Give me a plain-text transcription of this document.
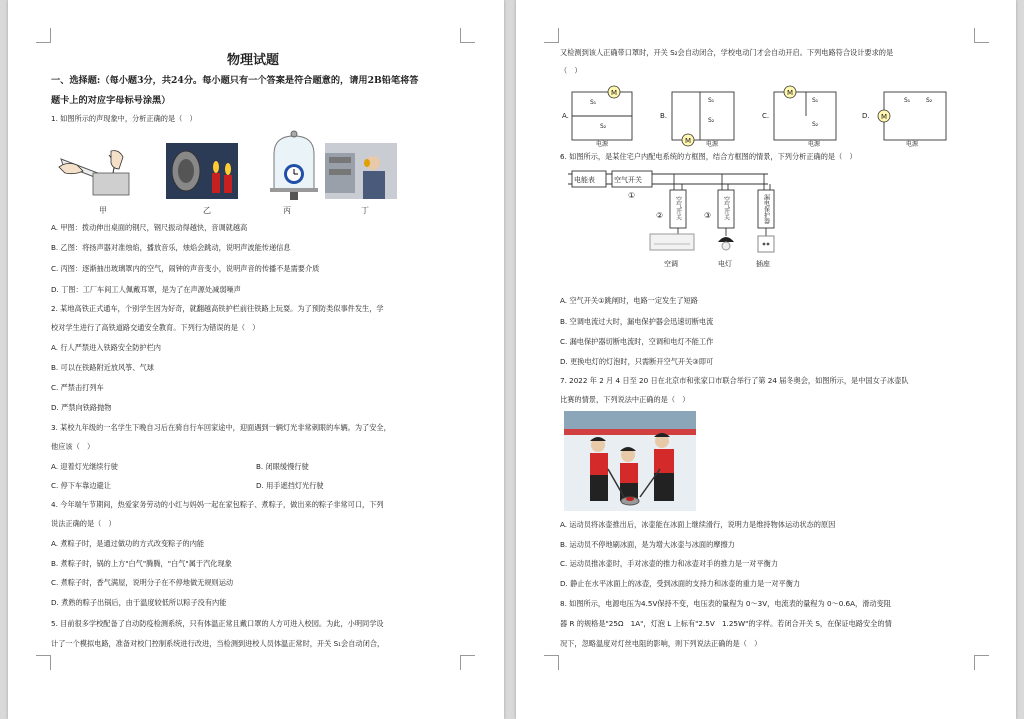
物理试题
一、选择题:（每小题3分，共24分。每小题只有一个答案是符合题意的，请用2B铅笔将答
题卡上的对应字母标号涂黑）
1. 如图所示的声现象中，分析正确的是（　）
甲	乙	丙	丁
A. 甲图：拨动伸出桌面的钢尺，钢尺振动得越快，音调就越高
B. 乙图：将扬声器对准烛焰，播放音乐，烛焰会跳动，说明声波能传递信息
C. 丙图：逐渐抽出玻璃罩内的空气，闹钟的声音变小，说明声音的传播不是需要介质
D. 丁图：工厂车间工人佩戴耳罩，是为了在声源处减弱噪声
2. 某地高铁正式通车，个别学生因为好奇，就翻越高铁护栏前往铁路上玩耍。为了预防类似事件发生，学
校对学生进行了高铁道路交通安全教育。下列行为错误的是（　）
A. 行人严禁进入铁路安全防护栏内
B. 可以在铁路附近放风筝、气球
C. 严禁击打列车
D. 严禁向铁路抛物
3. 某校九年级的一名学生下晚自习后在骑自行车回家途中，迎面遇到一辆灯光非常刺眼的车辆。为了安全，
他应该（　）
A. 迎着灯光继续行驶	B. 闭眼缓慢行驶
C. 停下车靠边避让	D. 用手遮挡灯光行驶
4. 今年端午节期间，热爱家务劳动的小红与妈妈一起在家包粽子、煮粽子，做出来的粽子非常可口，下列
说法正确的是（　）
A. 煮粽子时，是通过做功的方式改变粽子的内能
B. 煮粽子时，锅的上方"白气"腾腾，"白气"属于汽化现象
C. 煮粽子时，香气满屋，说明分子在不停地做无规则运动
D. 煮熟的粽子出锅后，由于温度较低所以粽子没有内能
5. 目前很多学校配备了自动防疫检测系统，只有体温正常且戴口罩的人方可进入校园。为此，小明同学设
计了一个模拟电路，准备对校门控制系统进行改进，当检测到进校人员体温正常时，开关 S₁会自动闭合，
又检测到该人正确带口罩时，开关 S₂会自动闭合，学校电动门才会自动开启。下列电路符合设计要求的是
（　）
A.
M
S₁
S₂
电源
B.
M
S₁
S₂
电源
C.
M
S₁
S₂
电源
D. M
S₁	S₂
电源
6. 如图所示，是某住宅户内配电系统的方框图，结合方框图的情景，下列分析正确的是（　）
电能表	空气开关
①
②	③
空气开关	空气开关	漏电保护器
空调	电灯	插座
A. 空气开关①跳闸时，电路一定发生了短路
B. 空调电流过大时，漏电保护器会迅速切断电流
C. 漏电保护器切断电流时，空调和电灯不能工作
D. 更换电灯的灯泡时，只需断开空气开关③即可
7. 2022 年 2 月 4 日至 20 日在北京市和张家口市联合举行了第 24 届冬奥会，如图所示，是中国女子冰壶队
比赛的情景，下列说法中正确的是（　）
A. 运动员将冰壶推出后，冰壶能在冰面上继续滑行，说明力是维持物体运动状态的原因
B. 运动员不停地刷冰面，是为增大冰壶与冰面的摩擦力
C. 运动员推冰壶时，手对冰壶的推力和冰壶对手的推力是一对平衡力
D. 静止在水平冰面上的冰壶，受到冰面的支持力和冰壶的重力是一对平衡力
8. 如图所示，电源电压为4.5V保持不变，电压表的量程为 0～3V，电流表的量程为 0～0.6A，滑动变阻
器 R 的规格是"25Ω　1A"，灯泡 L 上标有"2.5V　1.25W"的字样。若闭合开关 S，在保证电路安全的情
况下，忽略温度对灯丝电阻的影响，则下列说法正确的是（　）
